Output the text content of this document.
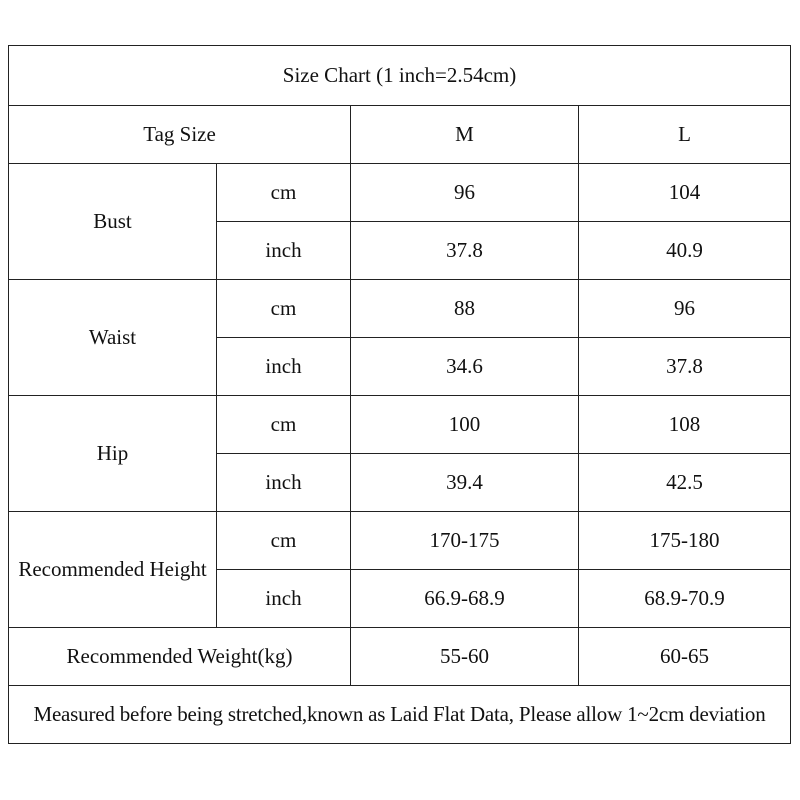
Size Chart (1 inch=2.54cm)			
Tag Size		M	L
Bust	cm	96	104
	inch	37.8	40.9
Waist	cm	88	96
	inch	34.6	37.8
Hip	cm	100	108
	inch	39.4	42.5
Recommended Height	cm	170-175	175-180
	inch	66.9-68.9	68.9-70.9
Recommended Weight(kg)		55-60	60-65
Measured before being stretched,known as Laid Flat Data, Please allow 1~2cm deviation			
